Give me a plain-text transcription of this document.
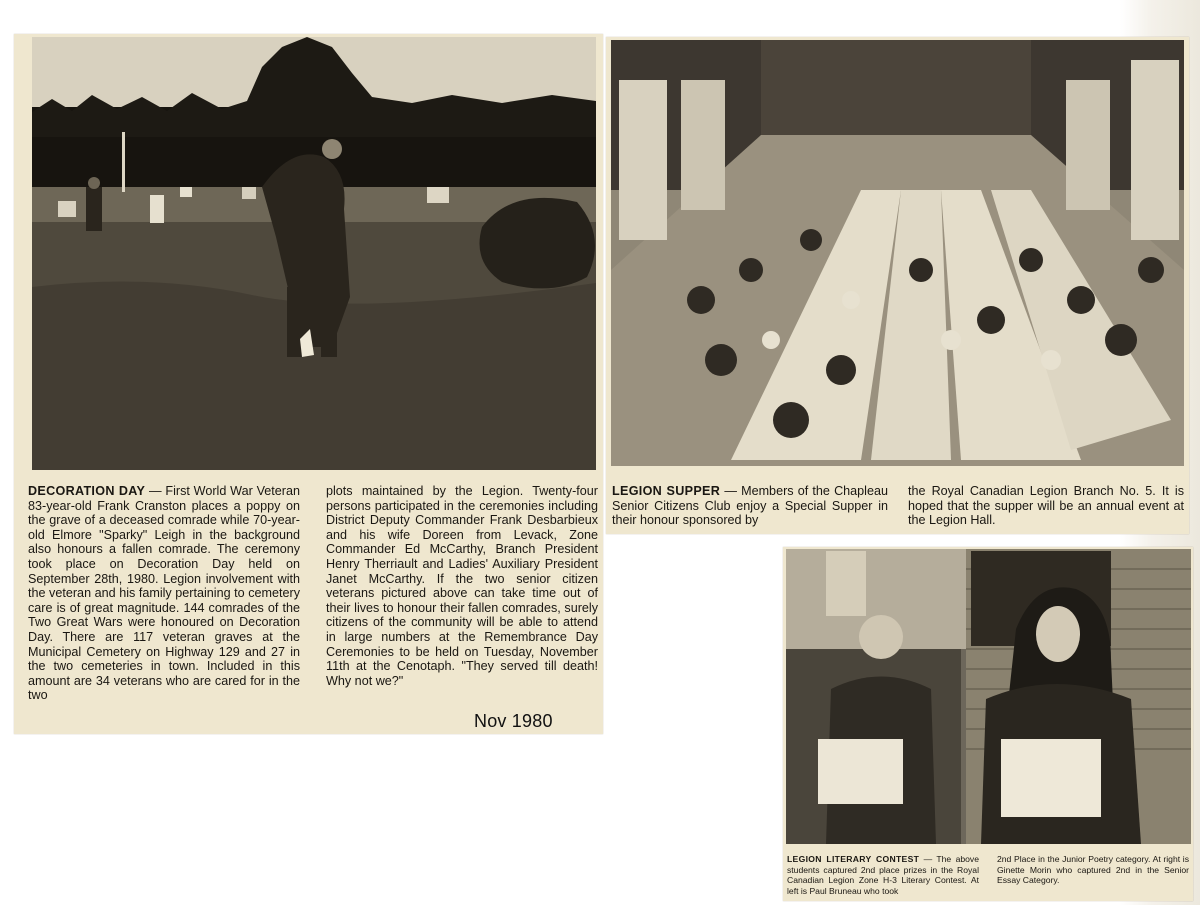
DECORATION DAY — First World War Veteran 83-year-old Frank Cranston places a poppy on the grave of a deceased comrade while 70-year-old Elmore "Sparky" Leigh in the background also honours a fallen comrade. The ceremony took place on Decoration Day held on September 28th, 1980. Legion involvement with the veteran and his family pertaining to cemetery care is of great magnitude. 144 comrades of the Two Great Wars were honoured on Decoration Day. There are 117 veteran graves at the Municipal Cemetery on Highway 129 and 27 in the two cemeteries in town. Included in this amount are 34 veterans who are cared for in the two
plots maintained by the Legion. Twenty-four persons participated in the ceremonies including District Deputy Commander Frank Desbarbieux and his wife Doreen from Levack, Zone Commander Ed McCarthy, Branch President Henry Therriault and Ladies' Auxiliary President Janet McCarthy. If the two senior citizen veterans pictured above can take time out of their lives to honour their fallen comrades, surely citizens of the community will be able to attend in large numbers at the Remembrance Day Ceremonies to be held on Tuesday, November 11th at the Cenotaph. "They served till death! Why not we?"
Nov 1980
LEGION SUPPER — Members of the Chapleau Senior Citizens Club enjoy a Special Supper in their honour sponsored by
the Royal Canadian Legion Branch No. 5. It is hoped that the supper will be an annual event at the Legion Hall.
LEGION LITERARY CONTEST — The above students captured 2nd place prizes in the Royal Canadian Legion Zone H-3 Literary Contest. At left is Paul Bruneau who took
2nd Place in the Junior Poetry category. At right is Ginette Morin who captured 2nd in the Senior Essay Category.
